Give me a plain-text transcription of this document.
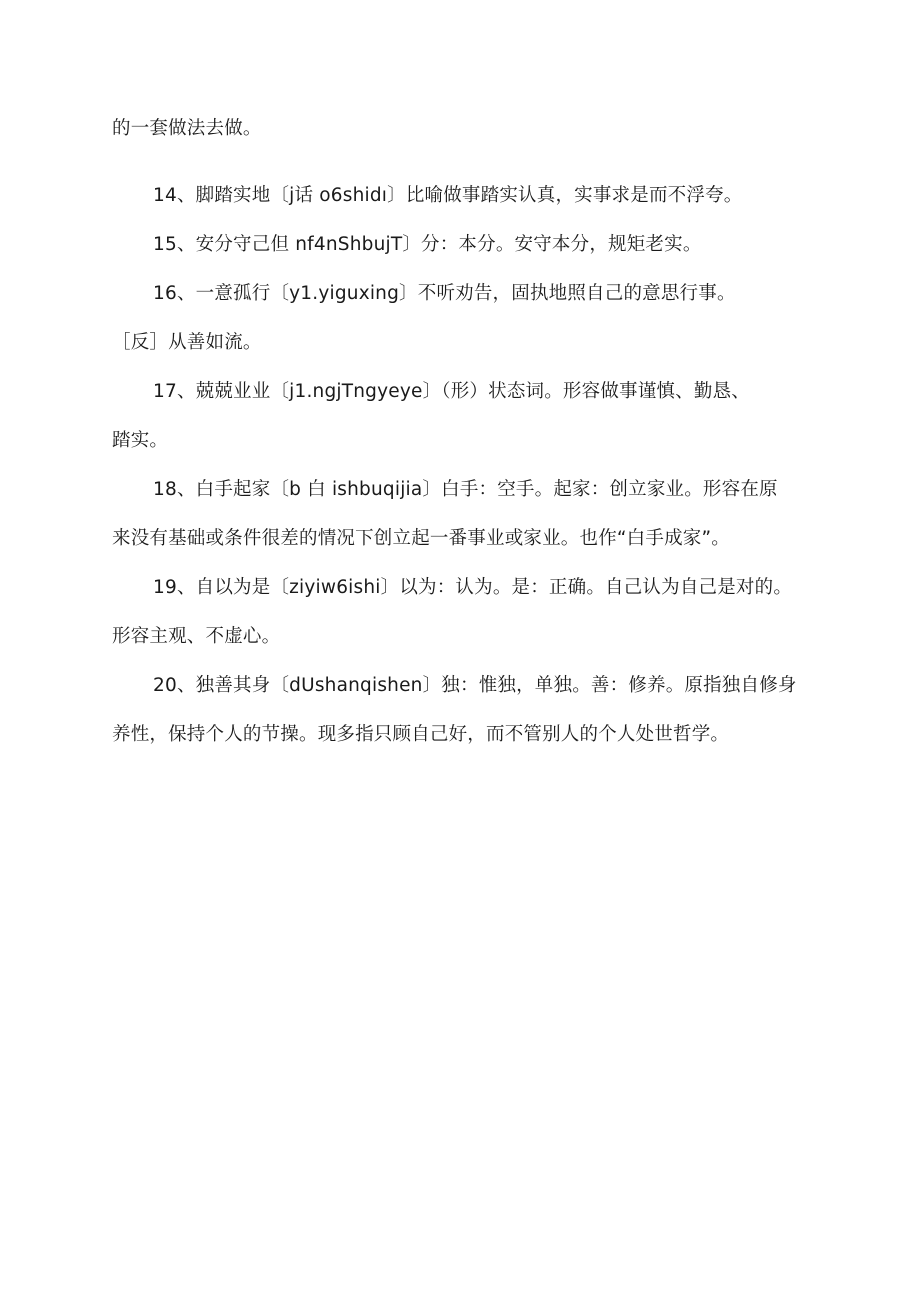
的一套做法去做。
14、脚踏实地〔j话 o6shidı〕比喻做事踏实认真，实事求是而不浮夸。
15、安分守己但 nf4nShbujT〕分：本分。安守本分，规矩老实。
16、一意孤行〔y1.yiguxing〕不听劝告，固执地照自己的意思行事。
［反］从善如流。
17、兢兢业业〔j1.ngjTngyeye〕（形）状态词。形容做事谨慎、勤恳、
踏实。
18、白手起家〔b 白 ishbuqijia〕白手：空手。起家：创立家业。形容在原
来没有基础或条件很差的情况下创立起一番事业或家业。也作“白手成家”。
19、自以为是〔ziyiw6ishi〕以为：认为。是：正确。自己认为自己是对的。
形容主观、不虚心。
20、独善其身〔dUshanqishen〕独：惟独，单独。善：修养。原指独自修身
养性，保持个人的节操。现多指只顾自己好，而不管别人的个人处世哲学。
